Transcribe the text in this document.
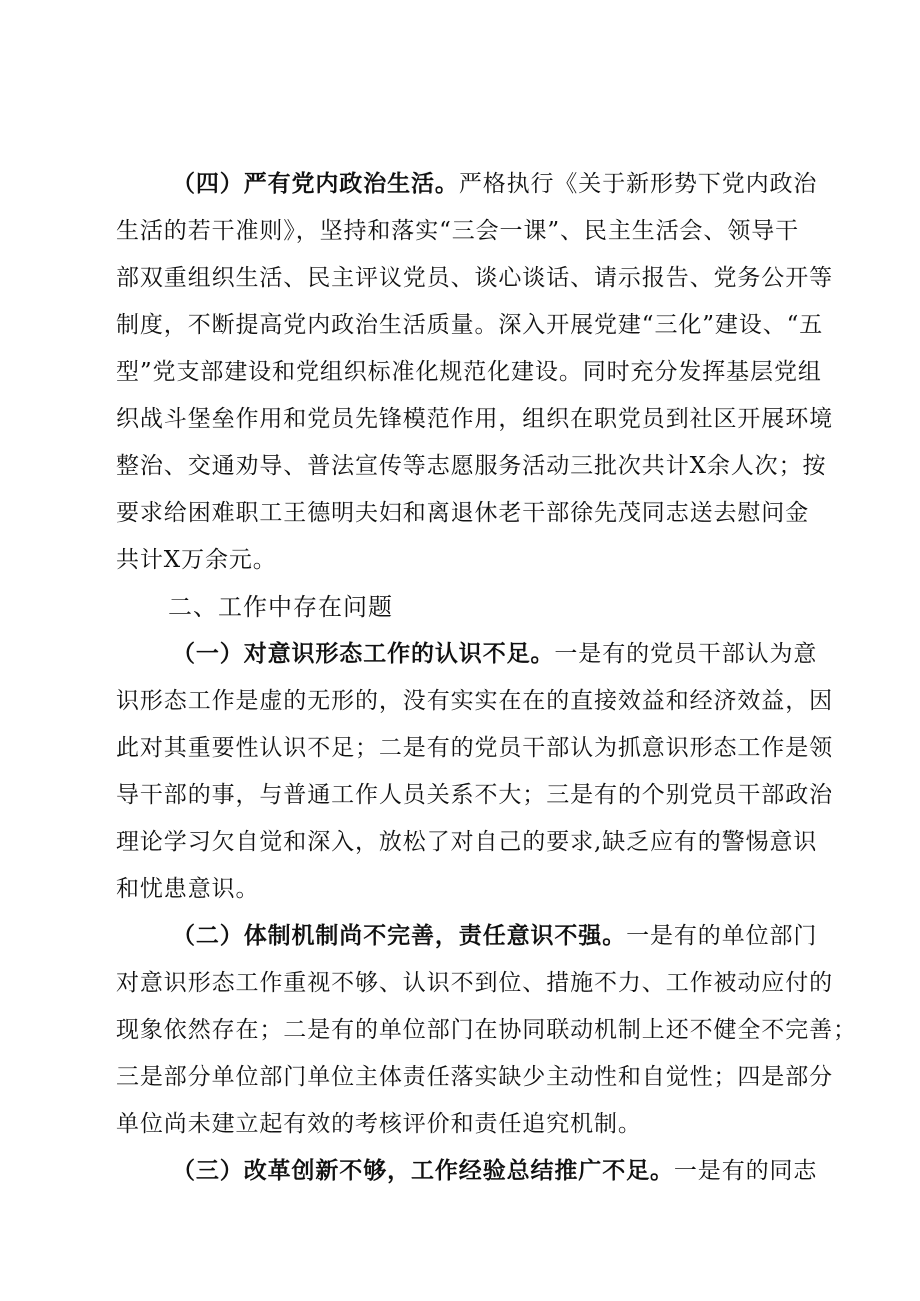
（四）严有党内政治生活。严格执行《关于新形势下党内政治
生活的若干准则》，坚持和落实“三会一课”、民主生活会、领导干
部双重组织生活、民主评议党员、谈心谈话、请示报告、党务公开等
制度，不断提高党内政治生活质量。深入开展党建“三化”建设、“五
型”党支部建设和党组织标准化规范化建设。同时充分发挥基层党组
织战斗堡垒作用和党员先锋模范作用，组织在职党员到社区开展环境
整治、交通劝导、普法宣传等志愿服务活动三批次共计X余人次；按
要求给困难职工王德明夫妇和离退休老干部徐先茂同志送去慰问金
共计X万余元。
二、工作中存在问题
（一）对意识形态工作的认识不足。一是有的党员干部认为意
识形态工作是虚的无形的，没有实实在在的直接效益和经济效益，因
此对其重要性认识不足；二是有的党员干部认为抓意识形态工作是领
导干部的事，与普通工作人员关系不大；三是有的个别党员干部政治
理论学习欠自觉和深入，放松了对自己的要求,缺乏应有的警惕意识
和忧患意识。
（二）体制机制尚不完善，责任意识不强。一是有的单位部门
对意识形态工作重视不够、认识不到位、措施不力、工作被动应付的
现象依然存在；二是有的单位部门在协同联动机制上还不健全不完善；
三是部分单位部门单位主体责任落实缺少主动性和自觉性；四是部分
单位尚未建立起有效的考核评价和责任追究机制。
（三）改革创新不够，工作经验总结推广不足。一是有的同志
